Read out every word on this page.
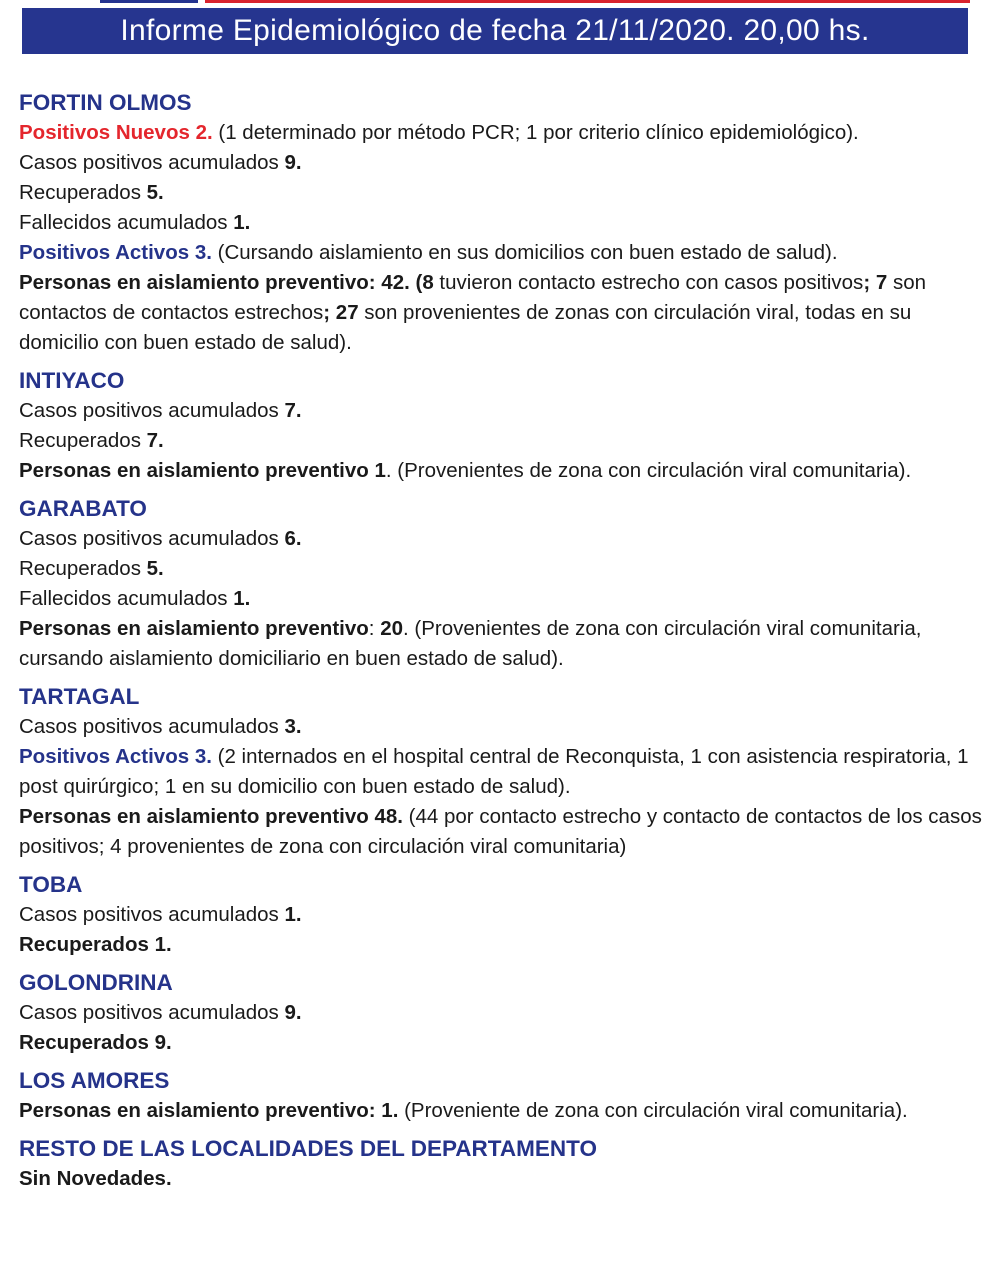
Informe Epidemiológico de fecha 21/11/2020. 20,00 hs.
FORTIN OLMOS
Positivos Nuevos 2. (1 determinado por método PCR; 1 por criterio clínico epidemiológico).
Casos positivos acumulados 9.
Recuperados 5.
Fallecidos acumulados 1.
Positivos Activos 3. (Cursando aislamiento en sus domicilios con buen estado de salud).
Personas en aislamiento preventivo: 42. (8 tuvieron contacto estrecho con casos positivos; 7 son contactos de contactos estrechos; 27 son provenientes de zonas con circulación viral, todas en su domicilio con buen estado de salud).
INTIYACO
Casos positivos acumulados 7.
Recuperados 7.
Personas en aislamiento preventivo 1. (Provenientes de zona con circulación viral comunitaria).
GARABATO
Casos positivos acumulados 6.
Recuperados 5.
Fallecidos acumulados 1.
Personas en aislamiento preventivo: 20. (Provenientes de zona con circulación viral comunitaria, cursando aislamiento domiciliario en buen estado de salud).
TARTAGAL
Casos positivos acumulados 3.
Positivos Activos 3. (2 internados en el hospital central de Reconquista, 1 con asistencia respiratoria, 1 post quirúrgico; 1 en su domicilio con buen estado de salud).
Personas en aislamiento preventivo 48. (44 por contacto estrecho y contacto de contactos de los casos positivos; 4 provenientes de zona con circulación viral comunitaria)
TOBA
Casos positivos acumulados 1.
Recuperados 1.
GOLONDRINA
Casos positivos acumulados 9.
Recuperados 9.
LOS AMORES
Personas en aislamiento preventivo: 1. (Proveniente de zona con circulación viral comunitaria).
RESTO DE LAS LOCALIDADES DEL DEPARTAMENTO
Sin Novedades.
